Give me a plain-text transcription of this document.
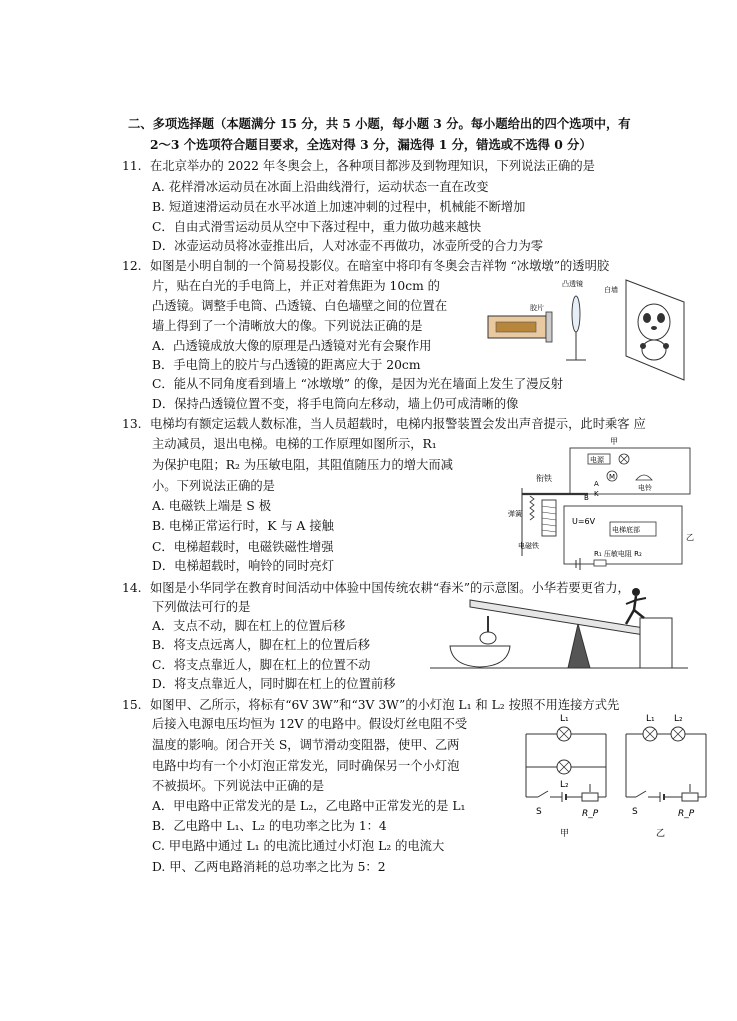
二、多项选择题（本题满分 15 分，共 5 小题，每小题 3 分。每小题给出的四个选项中，有
2～3 个选项符合题目要求，全选对得 3 分，漏选得 1 分，错选或不选得 0 分）
11. 在北京举办的 2022 年冬奥会上，各种项目都涉及到物理知识，下列说法正确的是
A. 花样滑冰运动员在冰面上沿曲线滑行，运动状态一直在改变
B. 短道速滑运动员在水平冰道上加速冲刺的过程中，机械能不断增加
C．自由式滑雪运动员从空中下落过程中，重力做功越来越快
D．冰壶运动员将冰壶推出后，人对冰壶不再做功，冰壶所受的合力为零
12. 如图是小明自制的一个简易投影仪。在暗室中将印有冬奥会吉祥物 “冰墩墩”的透明胶
片，贴在白光的手电筒上，并正对着焦距为 10cm 的
凸透镜。调整手电筒、凸透镜、白色墙壁之间的位置在
墙上得到了一个清晰放大的像。下列说法正确的是
A．凸透镜成放大像的原理是凸透镜对光有会聚作用
B．手电筒上的胶片与凸透镜的距离应大于 20cm
C．能从不同角度看到墙上 “冰墩墩” 的像，是因为光在墙面上发生了漫反射
D．保持凸透镜位置不变，将手电筒向左移动，墙上仍可成清晰的像
胶片
凸透镜
白墙
13. 电梯均有额定运载人数标准，当人员超载时，电梯内报警装置会发出声音提示，此时乘客 应
主动减员，退出电梯。电梯的工作原理如图所示，R₁
为保护电阻；R₂ 为压敏电阻，其阻值随压力的增大而减
小。下列说法正确的是
A. 电磁铁上端是 S 极
B. 电梯正常运行时，K 与 A 接触
C．电梯超载时，电磁铁磁性增强
D．电梯超载时，响铃的同时亮灯
甲
电源
M
电铃
A
K
B
衔铁
弹簧
电磁铁
U=6V
电梯底部
乙
R₁ 压敏电阻 R₂
14. 如图是小华同学在教育时间活动中体验中国传统农耕“舂米”的示意图。小华若要更省力，
下列做法可行的是
A．支点不动，脚在杠上的位置后移
B．将支点远离人，脚在杠上的位置后移
C．将支点靠近人，脚在杠上的位置不动
D．将支点靠近人，同时脚在杠上的位置前移
15. 如图甲、乙所示，将标有“6V 3W”和“3V 3W”的小灯泡 L₁ 和 L₂ 按照不用连接方式先
后接入电源电压均恒为 12V 的电路中。假设灯丝电阻不受
温度的影响。闭合开关 S，调节滑动变阻器，使甲、乙两
电路中均有一个小灯泡正常发光，同时确保另一个小灯泡
不被损坏。下列说法中正确的是
A．甲电路中正常发光的是 L₂，乙电路中正常发光的是 L₁
B．乙电路中 L₁、L₂ 的电功率之比为 1：4
C. 甲电路中通过 L₁ 的电流比通过小灯泡 L₂ 的电流大
D. 甲、乙两电路消耗的总功率之比为 5：2
L₁
L₂
S	R_P
甲
L₁ L₂
S	R_P
乙
